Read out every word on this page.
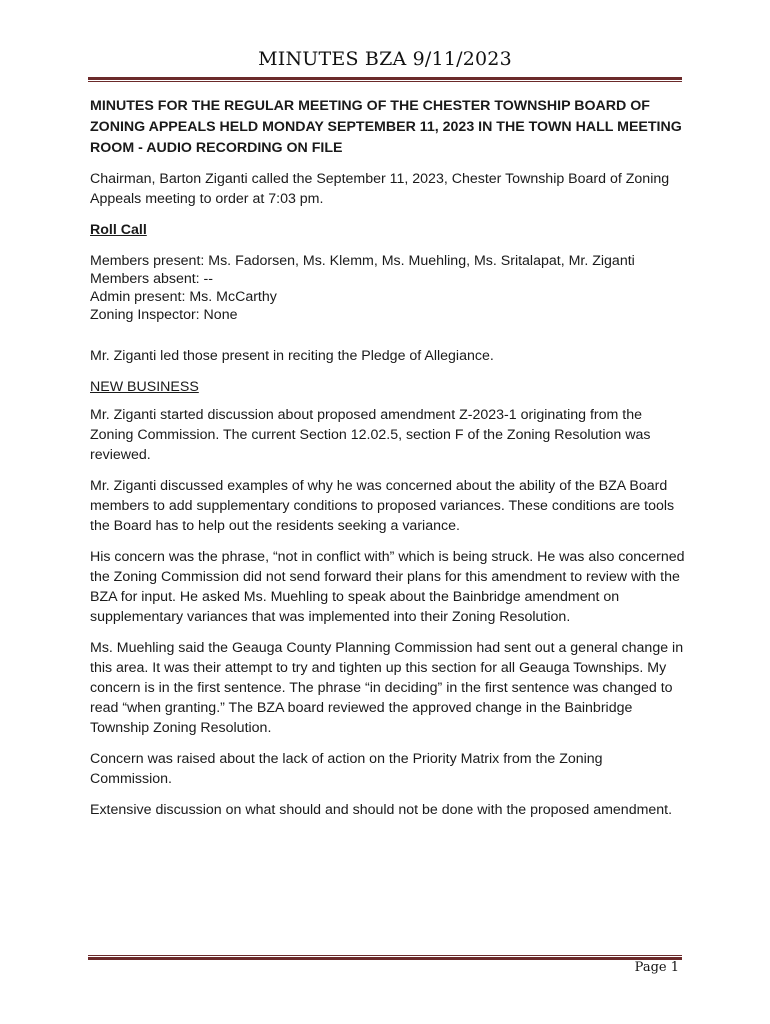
MINUTES BZA 9/11/2023
MINUTES FOR THE REGULAR MEETING OF THE CHESTER TOWNSHIP BOARD OF ZONING APPEALS HELD MONDAY SEPTEMBER 11, 2023 IN THE TOWN HALL MEETING ROOM - AUDIO RECORDING ON FILE

Chairman, Barton Ziganti called the September 11, 2023, Chester Township Board of Zoning Appeals meeting to order at 7:03 pm.

Roll Call
Members present: Ms. Fadorsen, Ms. Klemm, Ms. Muehling, Ms. Sritalapat, Mr. Ziganti
Members absent: --
Admin present: Ms. McCarthy
Zoning Inspector: None

Mr. Ziganti led those present in reciting the Pledge of Allegiance.

NEW BUSINESS

Mr. Ziganti started discussion about proposed amendment Z-2023-1 originating from the Zoning Commission. The current Section 12.02.5, section F of the Zoning Resolution was reviewed.

Mr. Ziganti discussed examples of why he was concerned about the ability of the BZA Board members to add supplementary conditions to proposed variances. These conditions are tools the Board has to help out the residents seeking a variance.

His concern was the phrase, “not in conflict with” which is being struck. He was also concerned the Zoning Commission did not send forward their plans for this amendment to review with the BZA for input. He asked Ms. Muehling to speak about the Bainbridge amendment on supplementary variances that was implemented into their Zoning Resolution.

Ms. Muehling said the Geauga County Planning Commission had sent out a general change in this area. It was their attempt to try and tighten up this section for all Geauga Townships. My concern is in the first sentence. The phrase “in deciding” in the first sentence was changed to read “when granting.” The BZA board reviewed the approved change in the Bainbridge Township Zoning Resolution.

Concern was raised about the lack of action on the Priority Matrix from the Zoning Commission.

Extensive discussion on what should and should not be done with the proposed amendment.

Page 1
